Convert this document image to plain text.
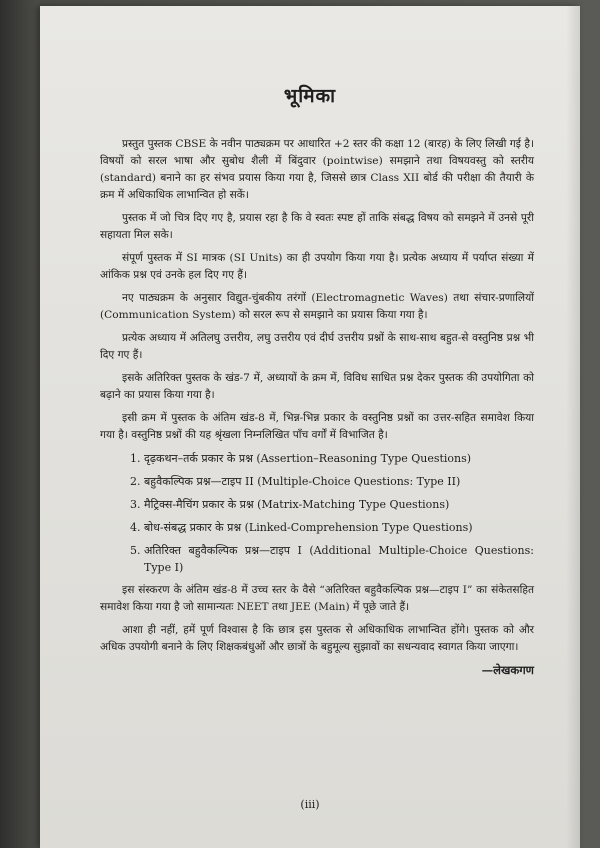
भूमिका

प्रस्तुत पुस्तक CBSE के नवीन पाठ्यक्रम पर आधारित +2 स्तर की कक्षा 12 (बारह) के लिए लिखी गई है। विषयों को सरल भाषा और सुबोध शैली में बिंदुवार (pointwise) समझाने तथा विषयवस्तु को स्तरीय (standard) बनाने का हर संभव प्रयास किया गया है, जिससे छात्र Class XII बोर्ड की परीक्षा की तैयारी के क्रम में अधिकाधिक लाभान्वित हो सकें।

पुस्तक में जो चित्र दिए गए है, प्रयास रहा है कि वे स्वतः स्पष्ट हों ताकि संबद्ध विषय को समझने में उनसे पूरी सहायता मिल सके।

संपूर्ण पुस्तक में SI मात्रक (SI Units) का ही उपयोग किया गया है। प्रत्येक अध्याय में पर्याप्त संख्या में आंकिक प्रश्न एवं उनके हल दिए गए हैं।

नए पाठ्यक्रम के अनुसार विद्युत-चुंबकीय तरंगों (Electromagnetic Waves) तथा संचार-प्रणालियों (Communication System) को सरल रूप से समझाने का प्रयास किया गया है।

प्रत्येक अध्याय में अतिलघु उत्तरीय, लघु उत्तरीय एवं दीर्घ उत्तरीय प्रश्नों के साथ-साथ बहुत-से वस्तुनिष्ठ प्रश्न भी दिए गए हैं।

इसके अतिरिक्त पुस्तक के खंड-7 में, अध्यायों के क्रम में, विविध साधित प्रश्न देकर पुस्तक की उपयोगिता को बढ़ाने का प्रयास किया गया है।

इसी क्रम में पुस्तक के अंतिम खंड-8 में, भिन्न-भिन्न प्रकार के वस्तुनिष्ठ प्रश्नों का उत्तर-सहित समावेश किया गया है। वस्तुनिष्ठ प्रश्नों की यह श्रृंखला निम्नलिखित पाँच वर्गों में विभाजित है।

1. दृढ़कथन–तर्क प्रकार के प्रश्न (Assertion–Reasoning Type Questions)
2. बहुवैकल्पिक प्रश्न—टाइप II (Multiple-Choice Questions: Type II)
3. मैट्रिक्स-मैचिंग प्रकार के प्रश्न (Matrix-Matching Type Questions)
4. बोध-संबद्ध प्रकार के प्रश्न (Linked-Comprehension Type Questions)
5. अतिरिक्त बहुवैकल्पिक प्रश्न—टाइप I (Additional Multiple-Choice Questions: Type I)

इस संस्करण के अंतिम खंड-8 में उच्च स्तर के वैसे “अतिरिक्त बहुवैकल्पिक प्रश्न—टाइप I” का संकेतसहित समावेश किया गया है जो सामान्यतः NEET तथा JEE (Main) में पूछे जाते हैं।

आशा ही नहीं, हमें पूर्ण विश्वास है कि छात्र इस पुस्तक से अधिकाधिक लाभान्वित होंगे। पुस्तक को और अधिक उपयोगी बनाने के लिए शिक्षकबंधुओं और छात्रों के बहुमूल्य सुझावों का सधन्यवाद स्वागत किया जाएगा।

—लेखकगण
(iii)
